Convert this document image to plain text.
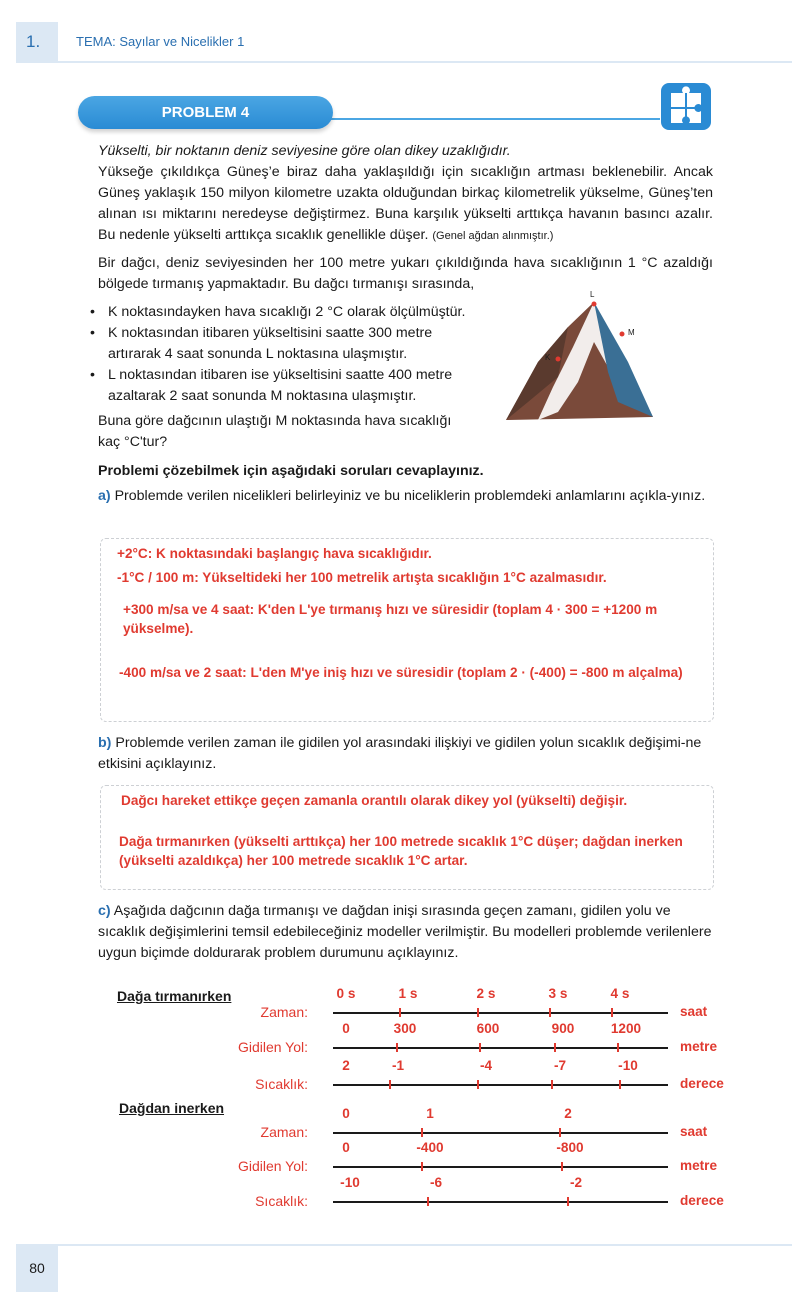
1.	TEMA: Sayılar ve Nicelikler 1
PROBLEM 4
Yükselti, bir noktanın deniz seviyesine göre olan dikey uzaklığıdır.
Yükseğe çıkıldıkça Güneş’e biraz daha yaklaşıldığı için sıcaklığın artması beklenebilir. Ancak Güneş yaklaşık 150 milyon kilometre uzakta olduğundan birkaç kilometrelik yükselme, Güneş’ten alınan ısı miktarını neredeyse değiştirmez. Buna karşılık yükselti arttıkça havanın basıncı azalır. Bu nedenle yükselti arttıkça sıcaklık genellikle düşer. (Genel ağdan alınmıştır.)
Bir dağcı, deniz seviyesinden her 100 metre yukarı çıkıldığında hava sıcaklığının 1 °C azaldığı bölgede tırmanış yapmaktadır. Bu dağcı tırmanışı sırasında,
• K noktasındayken hava sıcaklığı 2 °C olarak ölçülmüştür.
• K noktasından itibaren yükseltisini saatte 300 metre artırarak 4 saat sonunda L noktasına ulaşmıştır.
• L noktasından itibaren ise yükseltisini saatte 400 metre azaltarak 2 saat sonunda M noktasına ulaşmıştır.
Buna göre dağcının ulaştığı M noktasında hava sıcaklığı kaç °C'tur?
L
M
K
Problemi çözebilmek için aşağıdaki soruları cevaplayınız.
a) Problemde verilen nicelikleri belirleyiniz ve bu niceliklerin problemdeki anlamlarını açıkla-yınız.
+2°C: K noktasındaki başlangıç hava sıcaklığıdır.
-1°C / 100 m: Yükseltideki her 100 metrelik artışta sıcaklığın 1°C azalmasıdır.
+300 m/sa ve 4 saat: K'den L'ye tırmanış hızı ve süresidir (toplam 4 · 300 = +1200 m yükselme).
-400 m/sa ve 2 saat: L'den M'ye iniş hızı ve süresidir (toplam 2 · (-400) = -800 m alçalma)
b) Problemde verilen zaman ile gidilen yol arasındaki ilişkiyi ve gidilen yolun sıcaklık değişimi-ne etkisini açıklayınız.
Dağcı hareket ettikçe geçen zamanla orantılı olarak dikey yol (yükselti) değişir.
Dağa tırmanırken (yükselti arttıkça) her 100 metrede sıcaklık 1°C düşer; dağdan inerken (yükselti azaldıkça) her 100 metrede sıcaklık 1°C artar.
c) Aşağıda dağcının dağa tırmanışı ve dağdan inişi sırasında geçen zamanı, gidilen yolu ve sıcaklık değişimlerini temsil edebileceğiniz modeller verilmiştir. Bu modelleri problemde verilenlere uygun biçimde doldurarak problem durumunu açıklayınız.
Dağa tırmanırken
Zaman:	saat
0 s	1 s	2 s	3 s	4 s
Gidilen Yol:	metre
0	300	600	900	1200
Sıcaklık:	derece
2	-1	-4	-7	-10
Dağdan inerken
Zaman:	saat
0	1	2
Gidilen Yol:	metre
0	-400	-800
Sıcaklık:	derece
-10	-6	-2
80
